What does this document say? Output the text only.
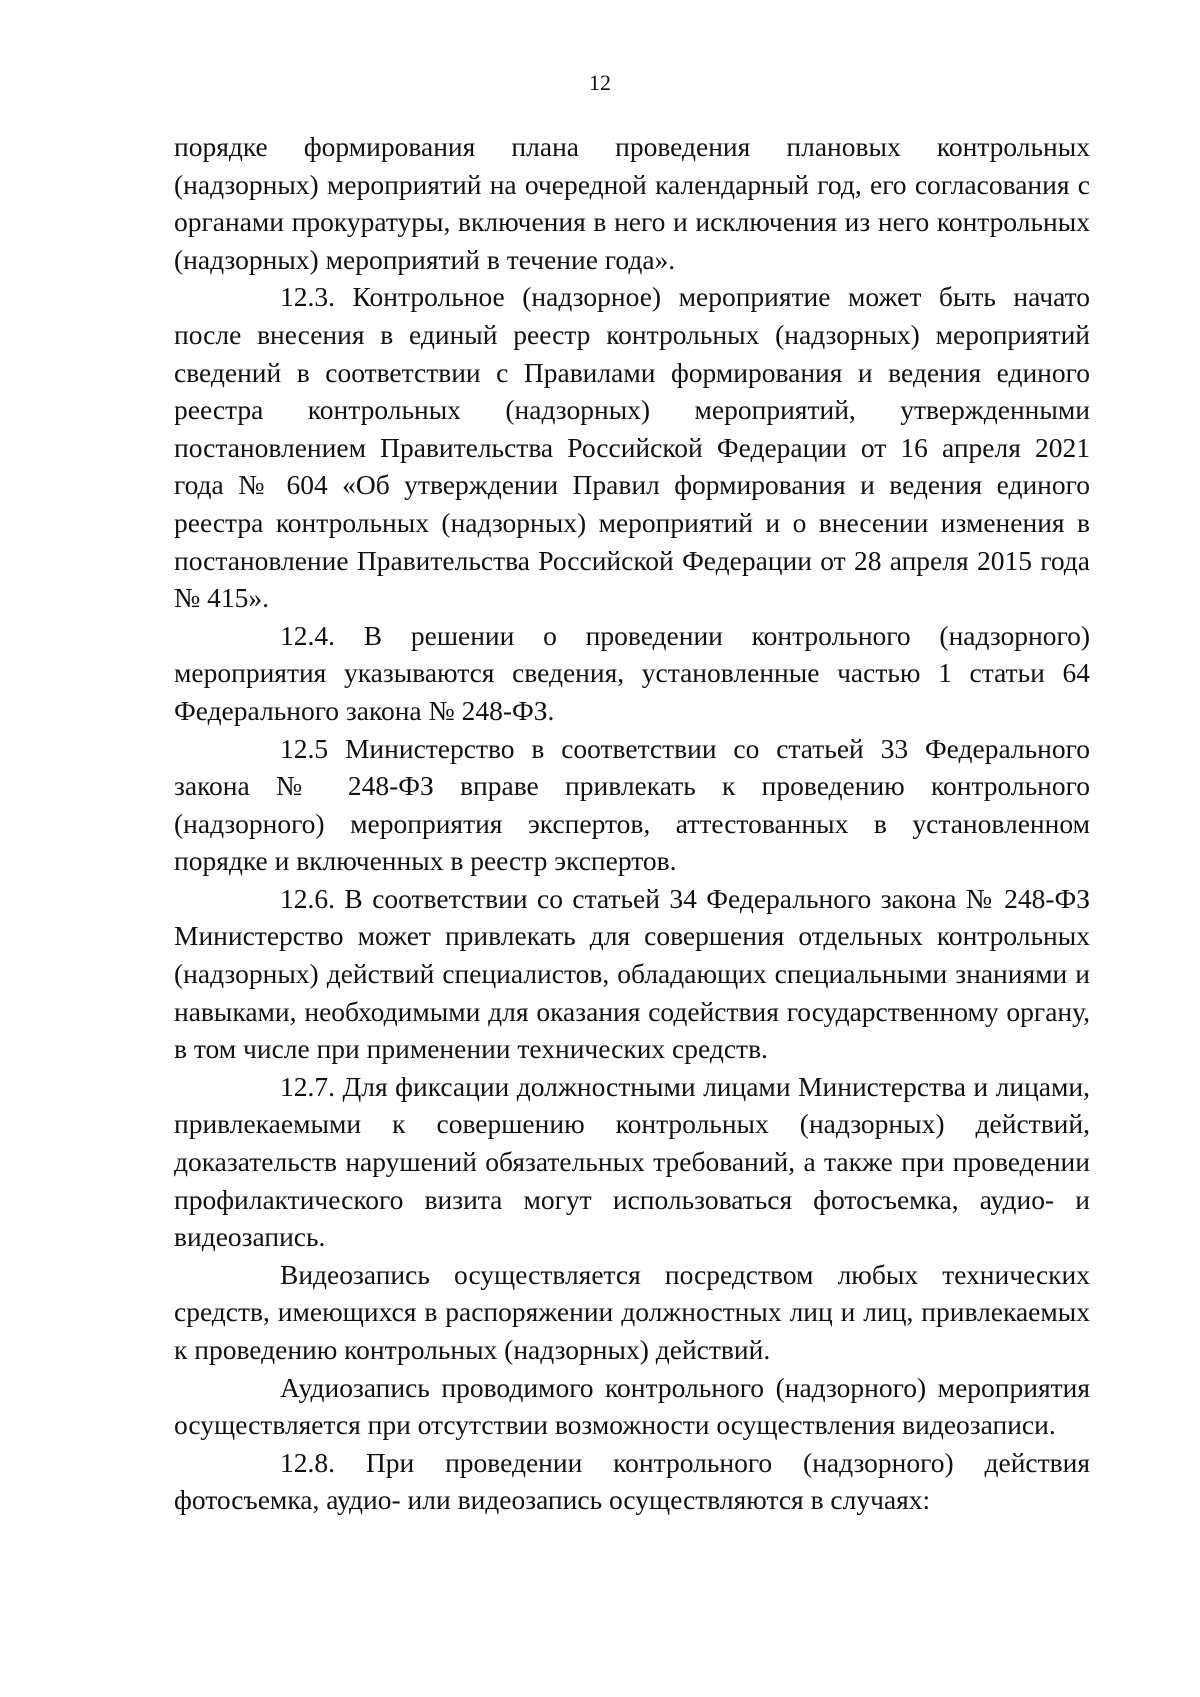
12

порядке формирования плана проведения плановых контрольных (надзорных) мероприятий на очередной календарный год, его согласования с органами прокуратуры, включения в него и исключения из него контрольных (надзорных) мероприятий в течение года».

12.3. Контрольное (надзорное) мероприятие может быть начато после внесения в единый реестр контрольных (надзорных) мероприятий сведений в соответствии с Правилами формирования и ведения единого реестра контрольных (надзорных) мероприятий, утвержденными постановлением Правительства Российской Федерации от 16 апреля 2021 года № 604 «Об утверждении Правил формирования и ведения единого реестра контрольных (надзорных) мероприятий и о внесении изменения в постановление Правительства Российской Федерации от 28 апреля 2015 года № 415».

12.4. В решении о проведении контрольного (надзорного) мероприятия указываются сведения, установленные частью 1 статьи 64 Федерального закона № 248-ФЗ.

12.5 Министерство в соответствии со статьей 33 Федерального закона № 248-ФЗ вправе привлекать к проведению контрольного (надзорного) мероприятия экспертов, аттестованных в установленном порядке и включенных в реестр экспертов.

12.6. В соответствии со статьей 34 Федерального закона № 248-ФЗ Министерство может привлекать для совершения отдельных контрольных (надзорных) действий специалистов, обладающих специальными знаниями и навыками, необходимыми для оказания содействия государственному органу, в том числе при применении технических средств.

12.7. Для фиксации должностными лицами Министерства и лицами, привлекаемыми к совершению контрольных (надзорных) действий, доказательств нарушений обязательных требований, а также при проведении профилактического визита могут использоваться фотосъемка, аудио- и видеозапись.

Видеозапись осуществляется посредством любых технических средств, имеющихся в распоряжении должностных лиц и лиц, привлекаемых к проведению контрольных (надзорных) действий.

Аудиозапись проводимого контрольного (надзорного) мероприятия осуществляется при отсутствии возможности осуществления видеозаписи.

12.8. При проведении контрольного (надзорного) действия фотосъемка, аудио- или видеозапись осуществляются в случаях:
